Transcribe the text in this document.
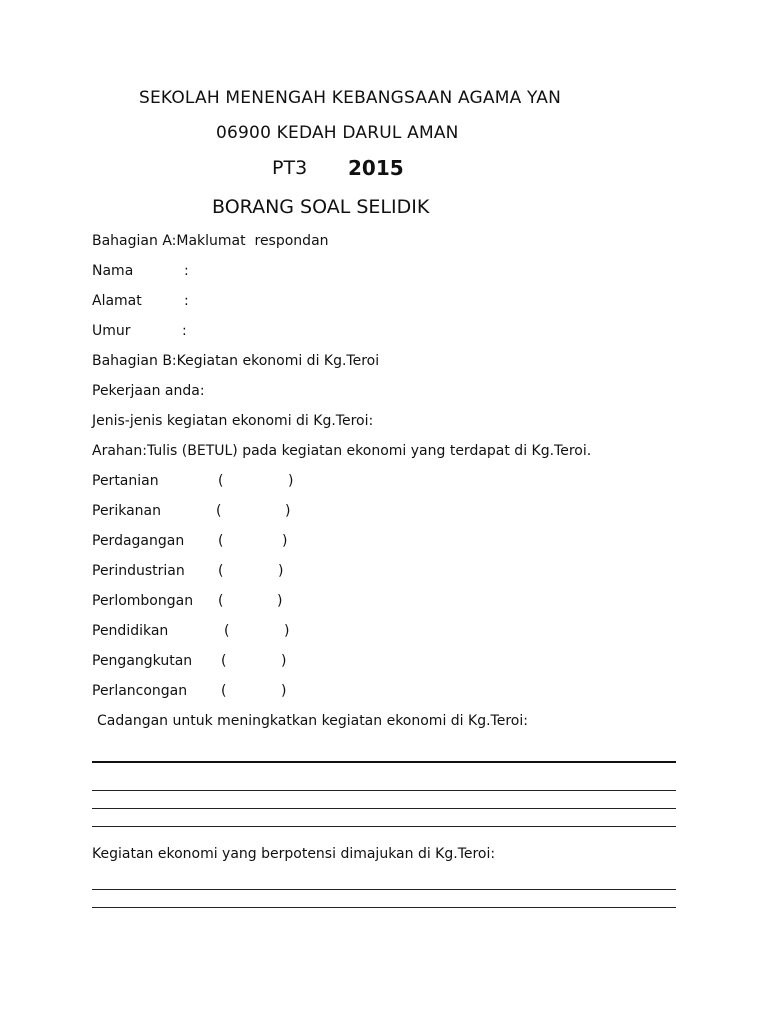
SEKOLAH MENENGAH KEBANGSAAN AGAMA YAN
06900 KEDAH DARUL AMAN
PT3 2015
BORANG SOAL SELIDIK
Bahagian A:Maklumat  respondan
Nama	:
Alamat	:
Umur	:
Bahagian B:Kegiatan ekonomi di Kg.Teroi
Pekerjaan anda:
Jenis-jenis kegiatan ekonomi di Kg.Teroi:
Arahan:Tulis (BETUL) pada kegiatan ekonomi yang terdapat di Kg.Teroi.
Pertanian	(	)
Perikanan	(	)
Perdagangan (	)
Perindustrian (	)
Perlombongan (	)
Pendidikan	(	)
Pengangkutan (	)
Perlancongan (	)
Cadangan untuk meningkatkan kegiatan ekonomi di Kg.Teroi:
Kegiatan ekonomi yang berpotensi dimajukan di Kg.Teroi:
